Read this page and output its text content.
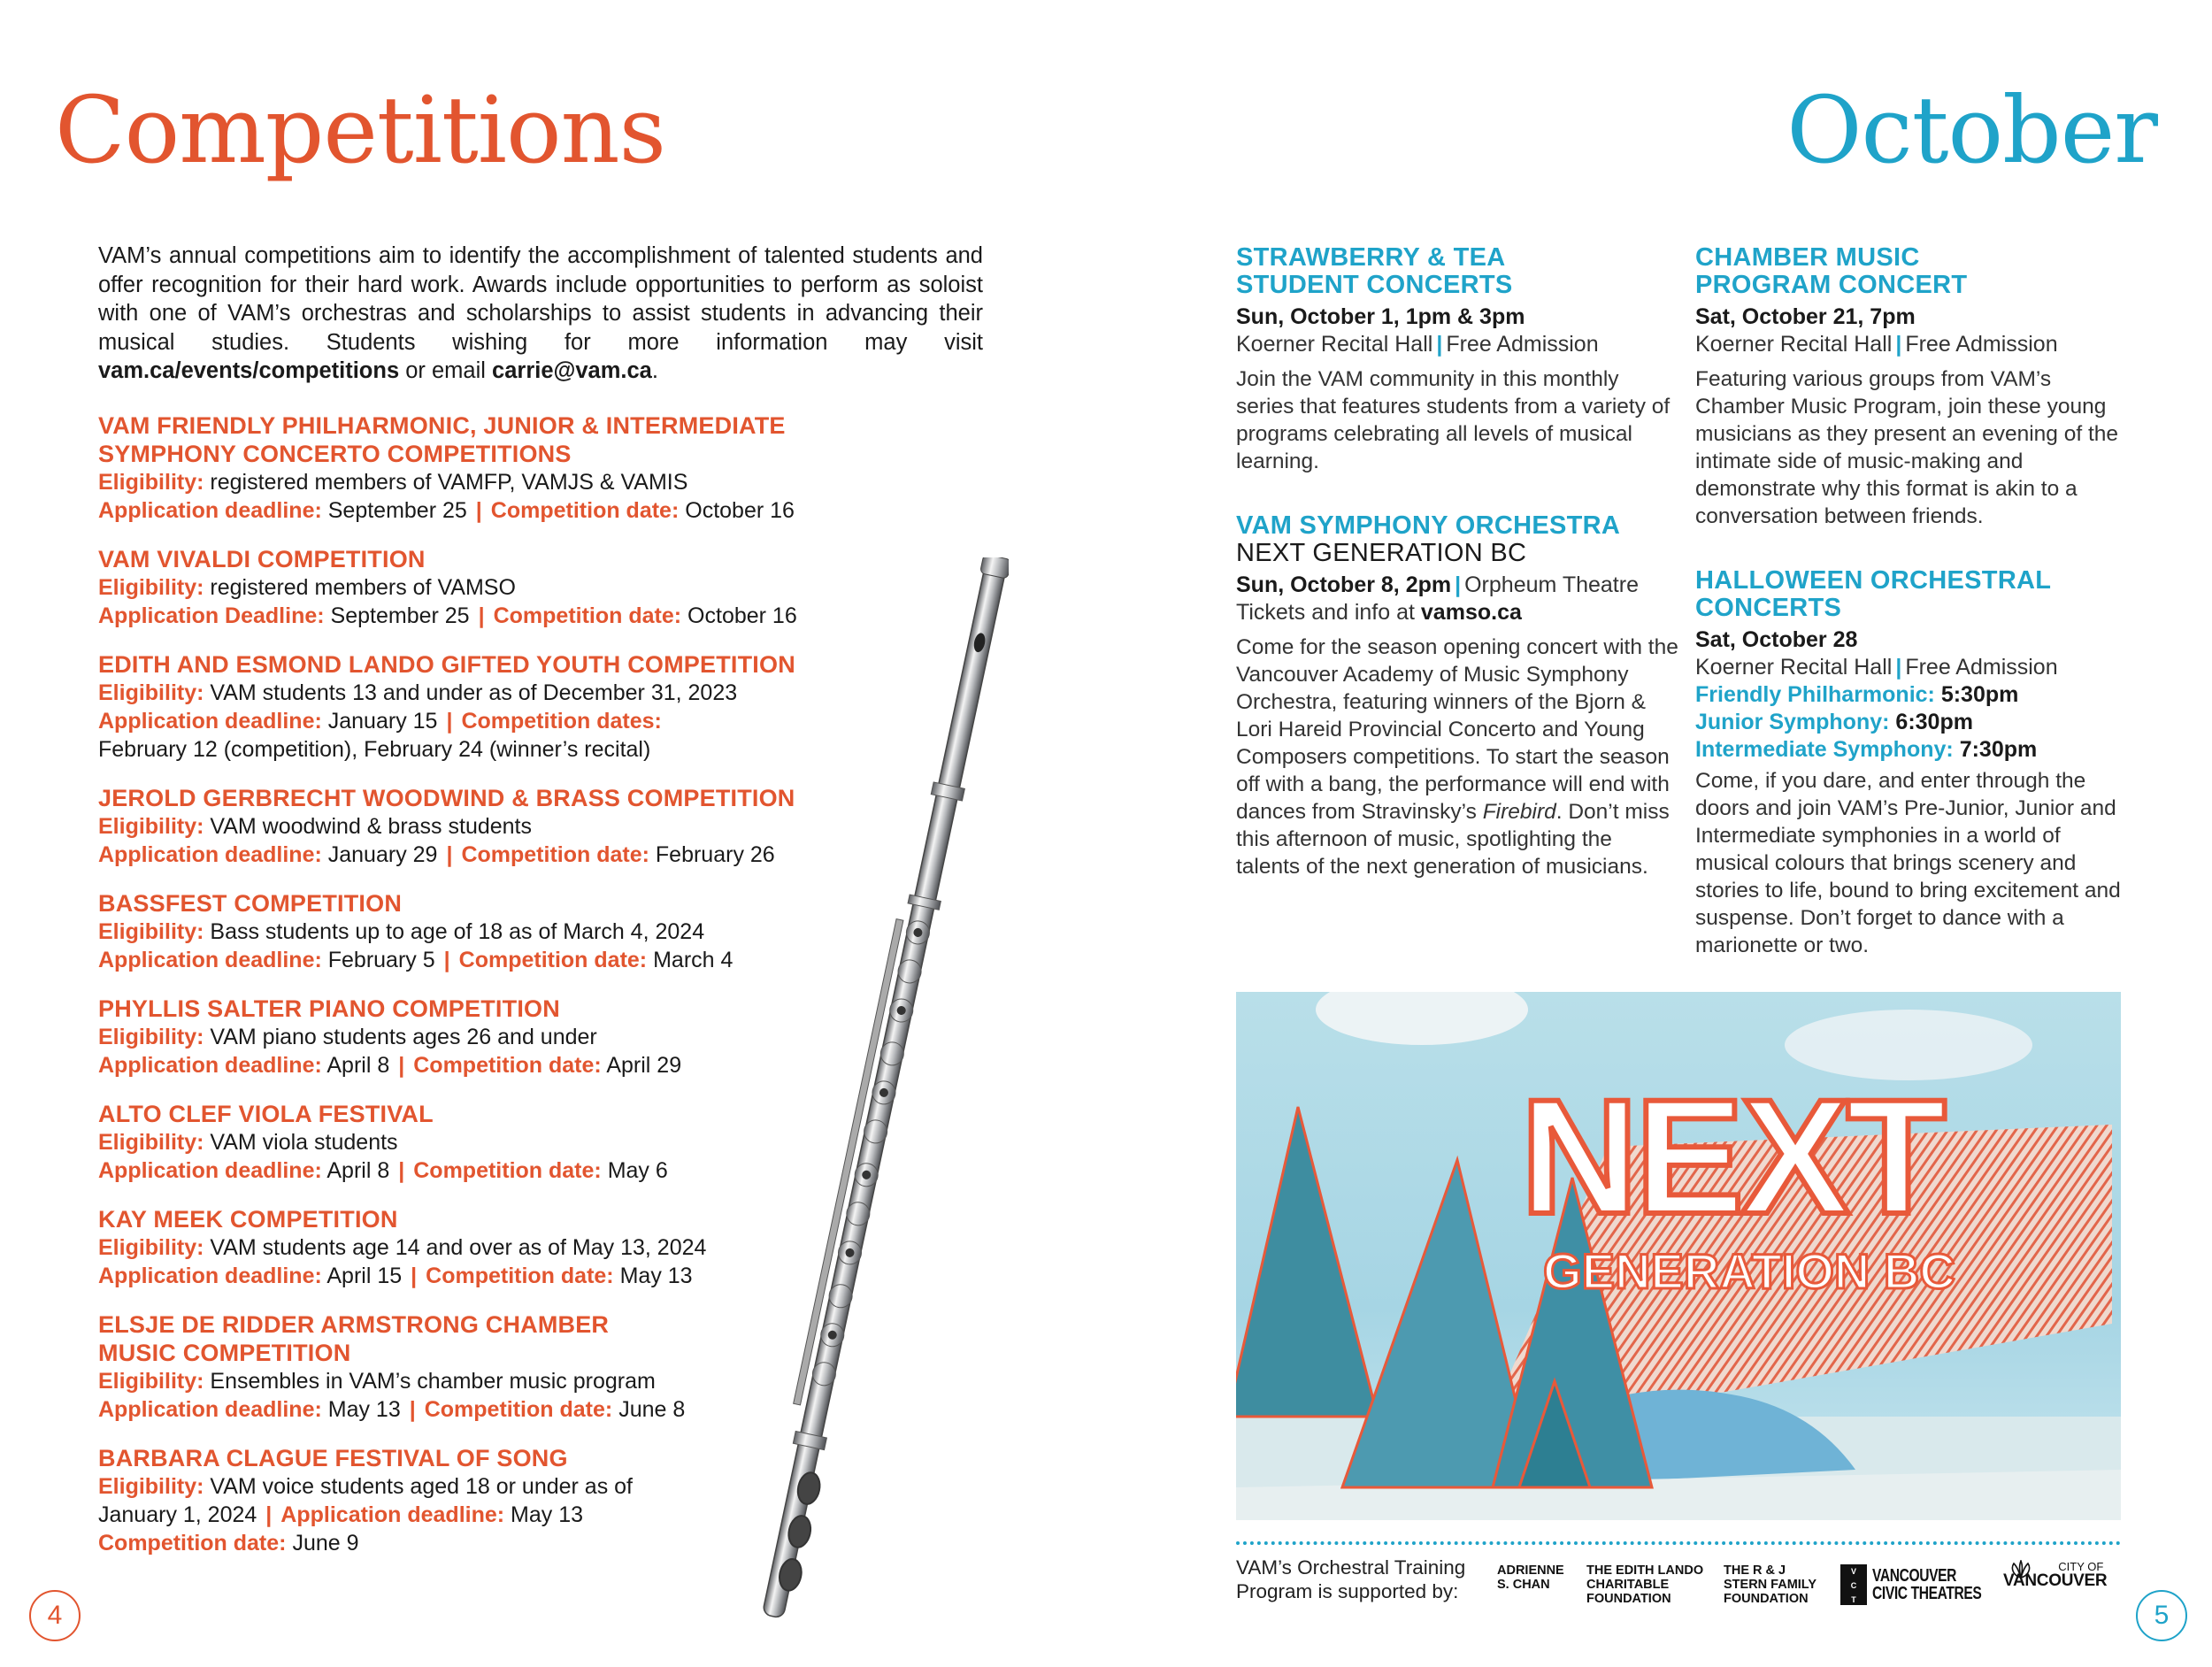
Competitions

VAM’s annual competitions aim to identify the accomplishment of talented students and offer recognition for their hard work. Awards include opportunities to perform as soloist with one of VAM’s orchestras and scholarships to assist students in advancing their musical studies. Students wishing for more information may visit vam.ca/events/competitions or email carrie@vam.ca.

VAM FRIENDLY PHILHARMONIC, JUNIOR & INTERMEDIATE
SYMPHONY CONCERTO COMPETITIONS
Eligibility: registered members of VAMFP, VAMJS & VAMIS
Application deadline: September 25 | Competition date: October 16
VAM VIVALDI COMPETITION
Eligibility: registered members of VAMSO
Application Deadline: September 25 | Competition date: October 16
EDITH AND ESMOND LANDO GIFTED YOUTH COMPETITION
Eligibility: VAM students 13 and under as of December 31, 2023
Application deadline: January 15 | Competition dates:
February 12 (competition), February 24 (winner’s recital)
JEROLD GERBRECHT WOODWIND & BRASS COMPETITION
Eligibility: VAM woodwind & brass students
Application deadline: January 29 | Competition date: February 26
BASSFEST COMPETITION
Eligibility: Bass students up to age of 18 as of March 4, 2024
Application deadline: February 5 | Competition date: March 4
PHYLLIS SALTER PIANO COMPETITION
Eligibility: VAM piano students ages 26 and under
Application deadline: April 8 | Competition date: April 29
ALTO CLEF VIOLA FESTIVAL
Eligibility: VAM viola students
Application deadline: April 8 | Competition date: May 6
KAY MEEK COMPETITION
Eligibility: VAM students age 14 and over as of May 13, 2024
Application deadline: April 15 | Competition date: May 13
ELSJE DE RIDDER ARMSTRONG CHAMBER
MUSIC COMPETITION
Eligibility: Ensembles in VAM’s chamber music program
Application deadline: May 13 | Competition date: June 8
BARBARA CLAGUE FESTIVAL OF SONG
Eligibility: VAM voice students aged 18 or under as of
January 1, 2024 | Application deadline: May 13
Competition date: June 9
4
October
STRAWBERRY & TEA
STUDENT CONCERTS
Sun, October 1, 1pm & 3pm
Koerner Recital Hall | Free Admission

Join the VAM community in this monthly series that features students from a variety of programs celebrating all levels of musical learning.

VAM SYMPHONY ORCHESTRA
NEXT GENERATION BC
Sun, October 8, 2pm | Orpheum Theatre
Tickets and info at vamso.ca

Come for the season opening concert with the Vancouver Academy of Music Symphony Orchestra, featuring winners of the Bjorn & Lori Hareid Provincial Concerto and Young Composers competitions. To start the season off with a bang, the performance will end with dances from Stravinsky’s Firebird. Don’t miss this afternoon of music, spotlighting the talents of the next generation of musicians.

CHAMBER MUSIC
PROGRAM CONCERT
Sat, October 21, 7pm
Koerner Recital Hall | Free Admission

Featuring various groups from VAM’s Chamber Music Program, join these young musicians as they present an evening of the intimate side of music-making and demonstrate why this format is akin to a conversation between friends.

HALLOWEEN ORCHESTRAL
CONCERTS
Sat, October 28
Koerner Recital Hall | Free Admission
Friendly Philharmonic: 5:30pm
Junior Symphony: 6:30pm
Intermediate Symphony: 7:30pm

Come, if you dare, and enter through the doors and join VAM’s Pre-Junior, Junior and Intermediate symphonies in a world of musical colours that brings scenery and stories to life, bound to bring excitement and suspense. Don’t forget to dance with a marionette or two.

NEXT
GENERATION BC
VAM’s Orchestral Training
Program is supported by:
ADRIENNE
S. CHAN
THE EDITH LANDO
CHARITABLE
FOUNDATION
THE R & J
STERN FAMILY
FOUNDATION
V
C
T
VANCOUVER
CIVIC THEATRES
CITY OF
VANCOUVER
5
